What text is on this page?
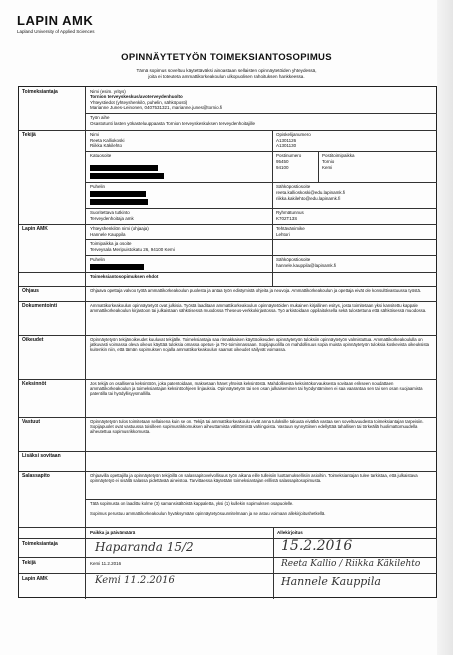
LAPIN AMK
Lapland University of Applied Sciences
OPINNÄYTETYÖN TOIMEKSIANTOSOPIMUS
Tämä sopimus soveltuu käytettäväksi ainoastaan sellaisten opinnäytetöiden yhteydessä,
joita ei toteuteta ammattikorkeakoulun ulkopuolisen rahoituksen hankkeessa.
Toimeksiantaja	Nimi (esim. yritys)
Tornion terveyskeskus/avoterveydenhuolto
Yhteystiedot (yhteyshenkilö, puhelin, sähköposti)
Marianne Junes-Leinonen, 0407531321, marianne.junes@tornio.fi
Työn aihe
Osastotunti lasten yökasteluuppaasta Tornion terveyskeskuksen terveydenhoitajille
Tekijä	Nimi
Reeta Kalliokoski
Riikka Käkilehto
Opiskelijanumero
A1301126
A1301130
Katuosoite	Postinumero
95450
94100
Postitoimipaikka
Tornio
Kemi
Puhelin	Sähköpostiosoite
reeta.kallioskoski@edu.lapinamk.fi
riikka.kakilehto@edu.lapinamk.fi
Suoritettava tutkinto
Terveydenhoitaja amk
Ryhmätunnus
K702T13S
Lapin AMK	Yhteyshenkilön nimi (ohjaaja)
Hannele Kauppila
Tehtävänimike
Lehtori
Toimipaikka ja osoite
Terveysala Meripuistokatu 26, 94100 Kemi
Puhelin	Sähköpostiosoite
hannele.kauppila@lapinamk.fi
Toimeksiantosopimuksen ehdot
Ohjaus	Ohjaava opettaja valvoo työtä ammattikorkeakoulun puolesta ja antaa työn edistymistä ohjeita ja neuvoja. Ammattikorkeakoulun ja opettaja eivät ole konsulttivastuussa työstä.
Dokumentointi	Ammattikorkeakoulun opinnäytetyöt ovat julkisia. Työstä laaditaan ammattikorkeakoulun opinnäytetöiden mukainen kirjallinen esitys, josta toimitetaan yksi kansitettu kappale ammattikorkeakoulun kirjastoon tai julkaistaan sähköisessä muodossa Theseus-verkkokirjastossa. Työ arkistoidaan oppilaitoksella sekä tulostettuna että sähköisessä muodossa.
Oikeudet	Opinnäytetyön tekijänoikeudet kuuluvat tekijälle. Toimeksiantaja saa rinnakkaisen käyttöoikeuden opinnäytetyön tuloksiin opinnäytetyön valmistuttua. Ammattikorkeakoululla on jatkuvasti voimassa oleva oikeus käyttää tuloksia omassa opetus- ja TKI-toiminnassaan. Sopijapuolilla on mahdollisuus sopia muista opinnäytetyön tuloksia koskevista oikeuksista kuitenkin niin, että tämän sopimuksen nojalla ammattikorkeakoulun saamat oikeudet säilyvät voimassa.
Keksinnöt	Jos tekijä on osallisena keksintöön, joka patentoidaan, maksetaan hänet yhteisä keksintöstä. Mahdollisesta keksintökorvauksesta sovitaan erikseen noudattaen ammattikorkeakoulun ja toimeksiantajan keksintöohjeen linjauksia. Opinnäytetyön tai sen osan julkaiseminen tai hyödyntäminen ei saa vaarantaa sen tai sen osan suojaamista patentilla tai hyödyllisyysmallilla.
Vastuut	Opinnäytetyön tulos toimitetaan sellaisena kuin se on. Tekijä tai ammattikorkeakoulu eivät anna tuloksille takuuta eivätkä vastaa sen soveltuvuudesta toimeksiantajan tarpeisiin. Sopijapuolet ovat vastuussa toisilleen sopimusrikkomuksen aiheuttamista välittömistä vahingoista. Vastuun synnyttiinen edellyttää tahallisen tai törkeällä huolimattomuudella aiheutettua sopimusrikkomusta.
Lisäksi sovitaan
Salassapito	Ohjaavilla opettajilla ja opinnäytetyön tekijöillä on salassapitovelvollisuus työn aikana eille tulleisiin luottamuksellisiin asioihin. Toimeksiantajan tulee tarkistaa, että julkaistava opinnäytetyö ei sisällä salassa pidettävää aineistoa. Tarvittaessa käytetään toimeksiantajan erillistä salassapitosopimusta.
Tätä sopimusta on laadittu kolme (3) samansisältöistä kappaletta, yksi (1) kullekin sopimuksen osapuolelle.
Sopimus perustuu ammattikorkeakoulun hyväksymään opinnäytetyösuunnitelmaan ja se astuu voimaan allekirjoitushetkellä.
Paikka ja päivämäärä	Allekirjoitus
Toimeksiantaja	Haparanda 15/2	15.2.2016
Tekijä	Kemi 11.2.2016	Reeta Kallio / Riikka Käkilehto
Lapin AMK	Kemi 11.2.2016	Hannele Kauppila
